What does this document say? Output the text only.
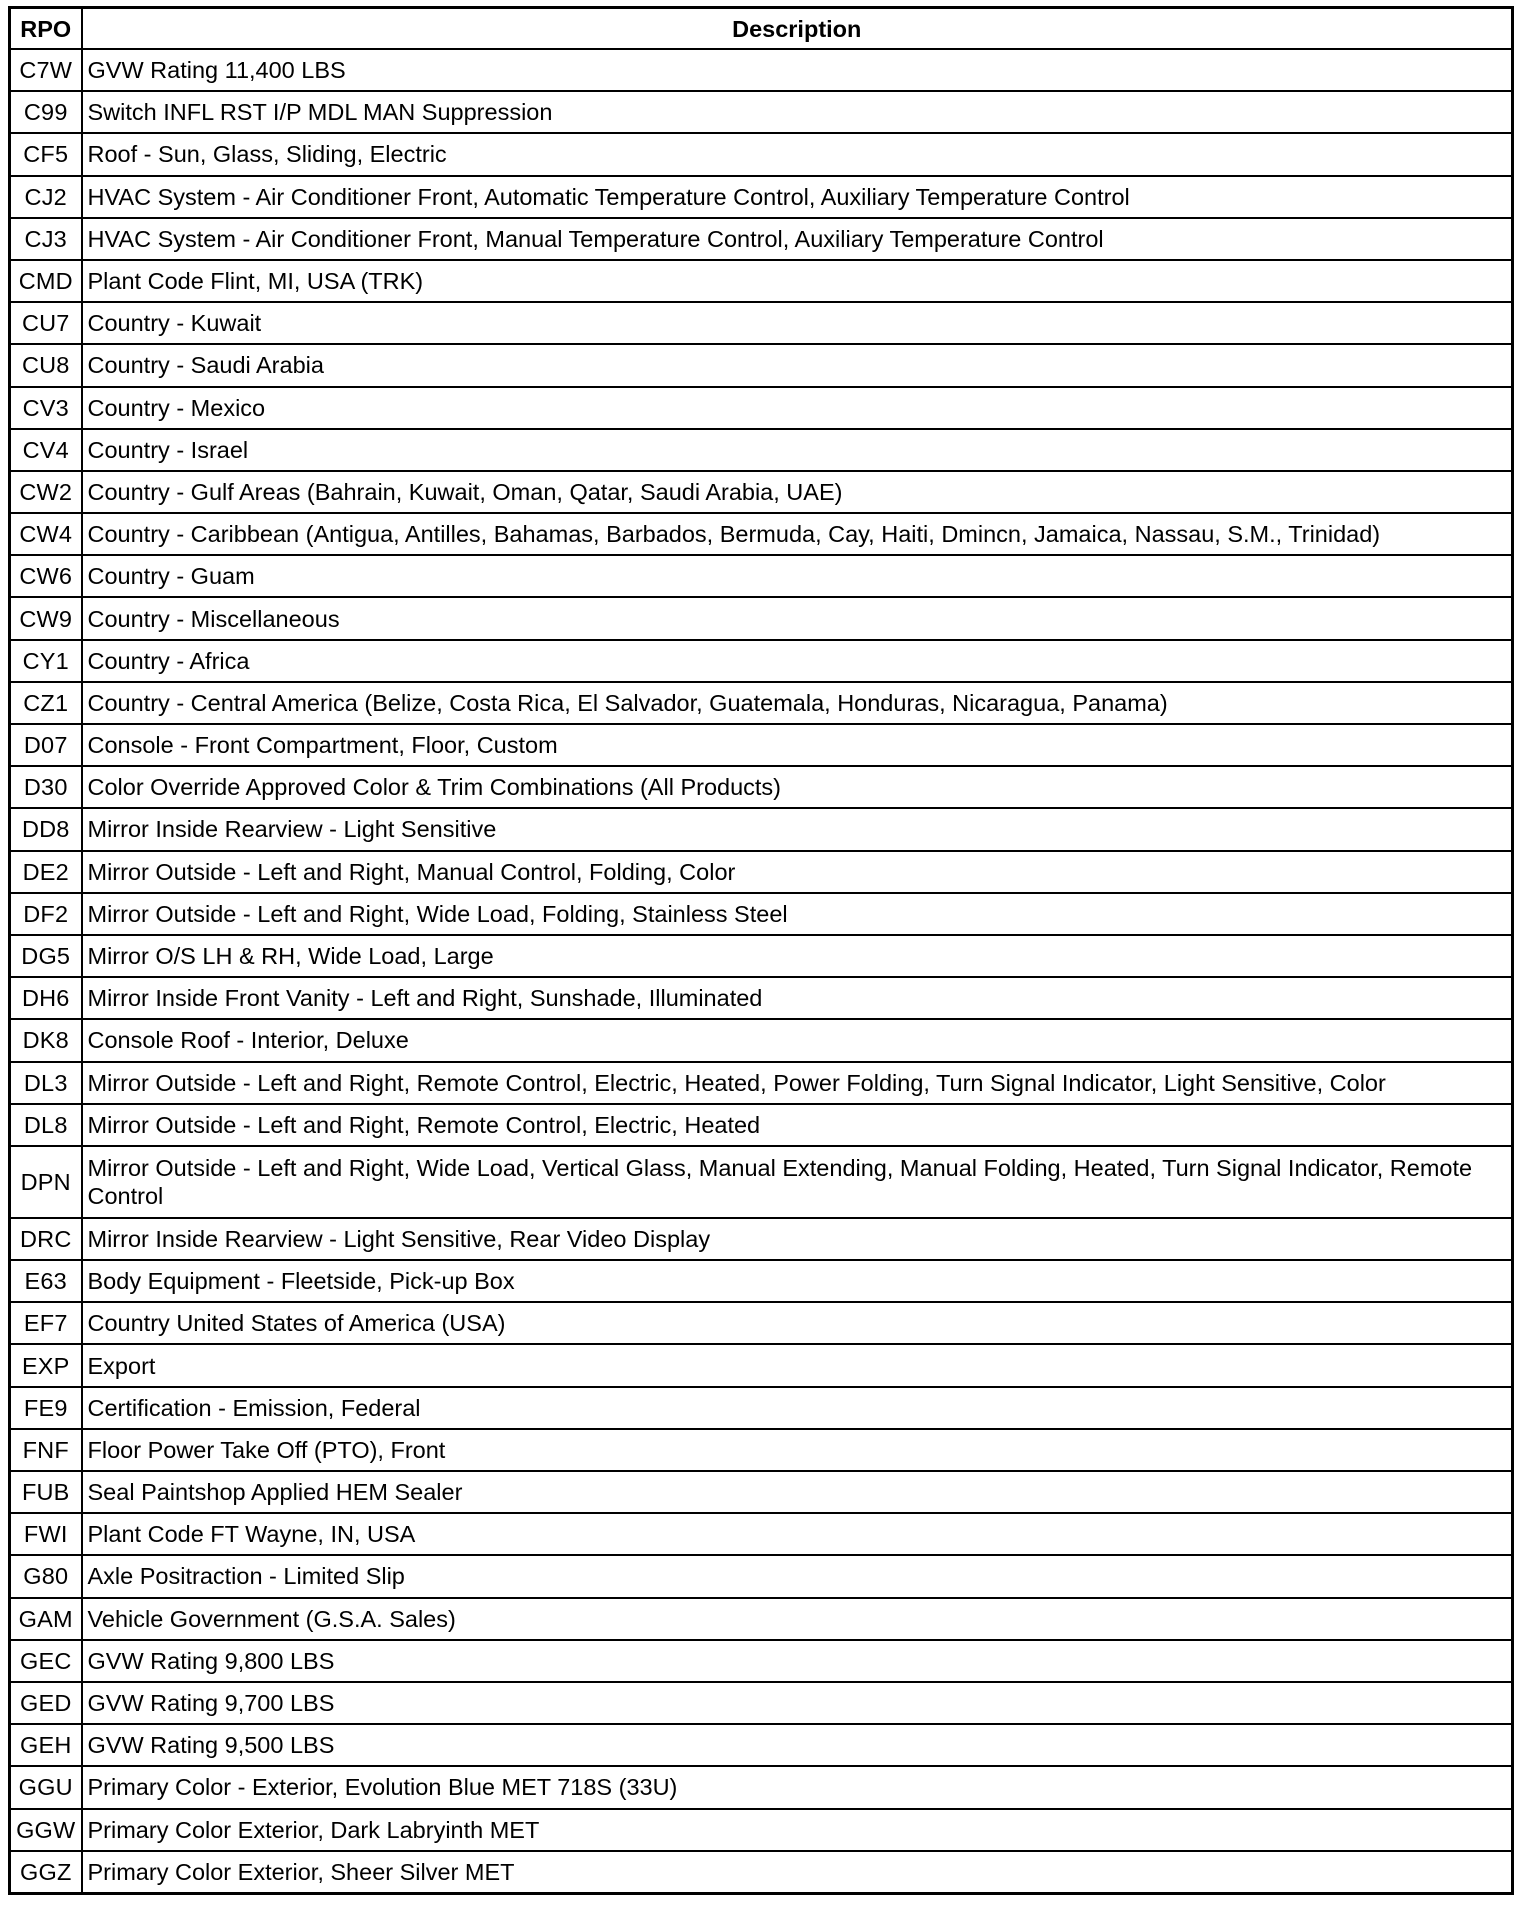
RPO	Description
C7W	GVW Rating 11,400 LBS
C99	Switch INFL RST I/P MDL MAN Suppression
CF5	Roof - Sun, Glass, Sliding, Electric
CJ2	HVAC System - Air Conditioner Front, Automatic Temperature Control, Auxiliary Temperature Control
CJ3	HVAC System - Air Conditioner Front, Manual Temperature Control, Auxiliary Temperature Control
CMD	Plant Code Flint, MI, USA (TRK)
CU7	Country - Kuwait
CU8	Country - Saudi Arabia
CV3	Country - Mexico
CV4	Country - Israel
CW2	Country - Gulf Areas (Bahrain, Kuwait, Oman, Qatar, Saudi Arabia, UAE)
CW4	Country - Caribbean (Antigua, Antilles, Bahamas, Barbados, Bermuda, Cay, Haiti, Dmincn, Jamaica, Nassau, S.M., Trinidad)
CW6	Country - Guam
CW9	Country - Miscellaneous
CY1	Country - Africa
CZ1	Country - Central America (Belize, Costa Rica, El Salvador, Guatemala, Honduras, Nicaragua, Panama)
D07	Console - Front Compartment, Floor, Custom
D30	Color Override Approved Color & Trim Combinations (All Products)
DD8	Mirror Inside Rearview - Light Sensitive
DE2	Mirror Outside - Left and Right, Manual Control, Folding, Color
DF2	Mirror Outside - Left and Right, Wide Load, Folding, Stainless Steel
DG5	Mirror O/S LH & RH, Wide Load, Large
DH6	Mirror Inside Front Vanity - Left and Right, Sunshade, Illuminated
DK8	Console Roof - Interior, Deluxe
DL3	Mirror Outside - Left and Right, Remote Control, Electric, Heated, Power Folding, Turn Signal Indicator, Light Sensitive, Color
DL8	Mirror Outside - Left and Right, Remote Control, Electric, Heated
DPN	Mirror Outside - Left and Right, Wide Load, Vertical Glass, Manual Extending, Manual Folding, Heated, Turn Signal Indicator, Remote Control
DRC	Mirror Inside Rearview - Light Sensitive, Rear Video Display
E63	Body Equipment - Fleetside, Pick-up Box
EF7	Country United States of America (USA)
EXP	Export
FE9	Certification - Emission, Federal
FNF	Floor Power Take Off (PTO), Front
FUB	Seal Paintshop Applied HEM Sealer
FWI	Plant Code FT Wayne, IN, USA
G80	Axle Positraction - Limited Slip
GAM	Vehicle Government (G.S.A. Sales)
GEC	GVW Rating 9,800 LBS
GED	GVW Rating 9,700 LBS
GEH	GVW Rating 9,500 LBS
GGU	Primary Color - Exterior, Evolution Blue MET 718S (33U)
GGW	Primary Color Exterior, Dark Labryinth MET
GGZ	Primary Color Exterior, Sheer Silver MET
